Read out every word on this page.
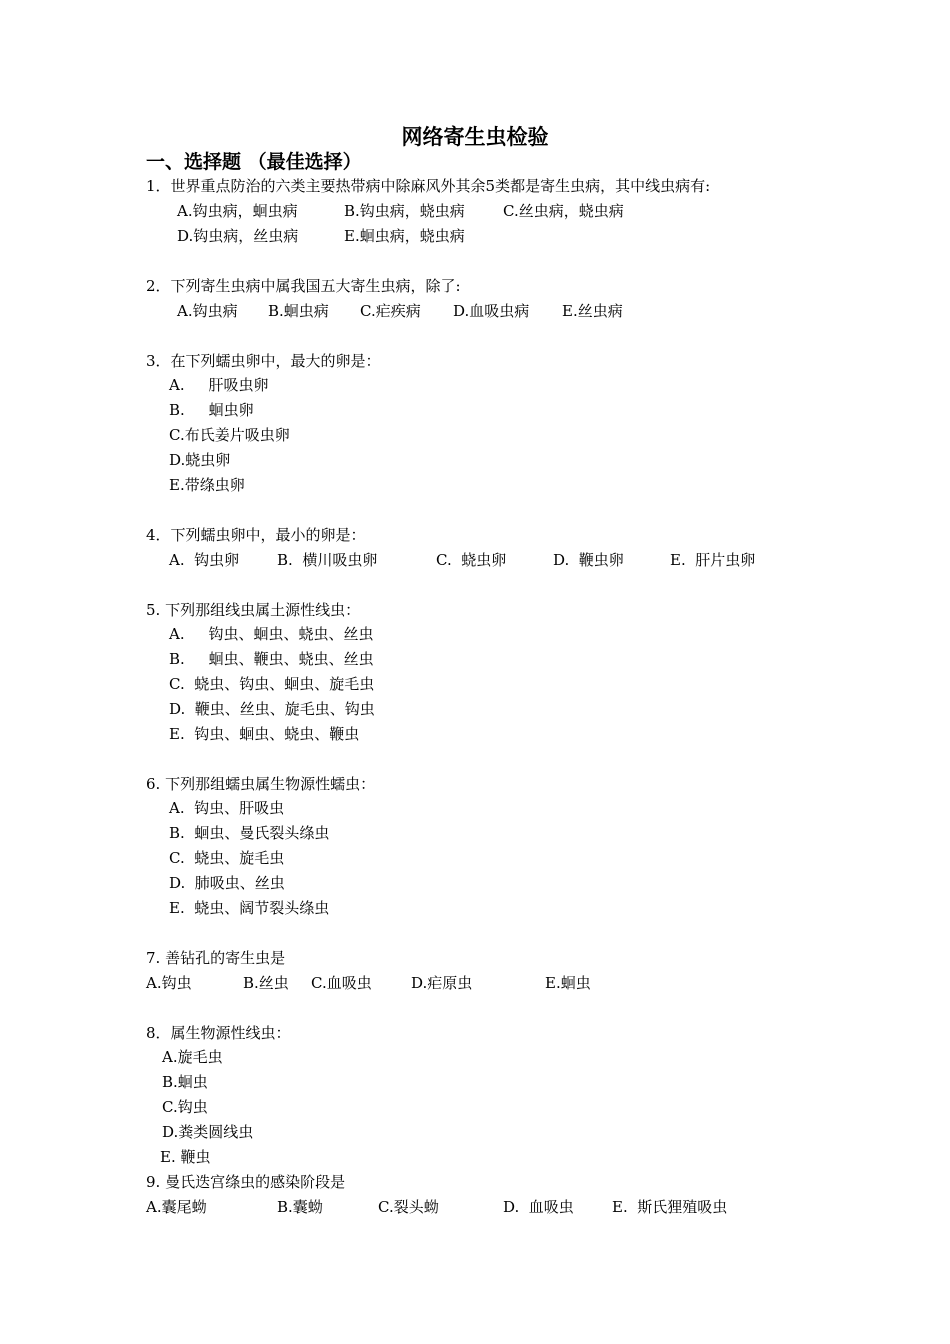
网络寄生虫检验
一、选择题 （最佳选择）
1．世界重点防治的六类主要热带病中除麻风外其余5类都是寄生虫病，其中线虫病有:
A.钩虫病，蛔虫病	B.钩虫病，蛲虫病	C.丝虫病，蛲虫病
D.钩虫病，丝虫病	E.蛔虫病，蛲虫病
2．下列寄生虫病中属我国五大寄生虫病，除了:
A.钩虫病 B.蛔虫病 C.疟疾病 D.血吸虫病 E.丝虫病
3．在下列蠕虫卵中，最大的卵是：
A.     肝吸虫卵
B.     蛔虫卵
C.布氏姜片吸虫卵
D.蛲虫卵
E.带绦虫卵
4．下列蠕虫卵中，最小的卵是：
A.  钩虫卵	B.  横川吸虫卵	C.  蛲虫卵	D.  鞭虫卵	E.  肝片虫卵
5. 下列那组线虫属土源性线虫：
A.     钩虫、蛔虫、蛲虫、丝虫
B.     蛔虫、鞭虫、蛲虫、丝虫
C.  蛲虫、钩虫、蛔虫、旋毛虫
D.  鞭虫、丝虫、旋毛虫、钩虫
E.  钩虫、蛔虫、蛲虫、鞭虫
6. 下列那组蠕虫属生物源性蠕虫：
A.  钩虫、肝吸虫
B.  蛔虫、曼氏裂头绦虫
C.  蛲虫、旋毛虫
D.  肺吸虫、丝虫
E.  蛲虫、阔节裂头绦虫
7. 善钻孔的寄生虫是
A.钩虫	B.丝虫 C.血吸虫	D.疟原虫	E.蛔虫
8．属生物源性线虫：
A.旋毛虫
B.蛔虫
C.钩虫
D.粪类圆线虫
E. 鞭虫
9. 曼氏迭宫绦虫的感染阶段是
A.囊尾蚴	B.囊蚴	C.裂头蚴	D.  血吸虫	E.  斯氏狸殖吸虫
